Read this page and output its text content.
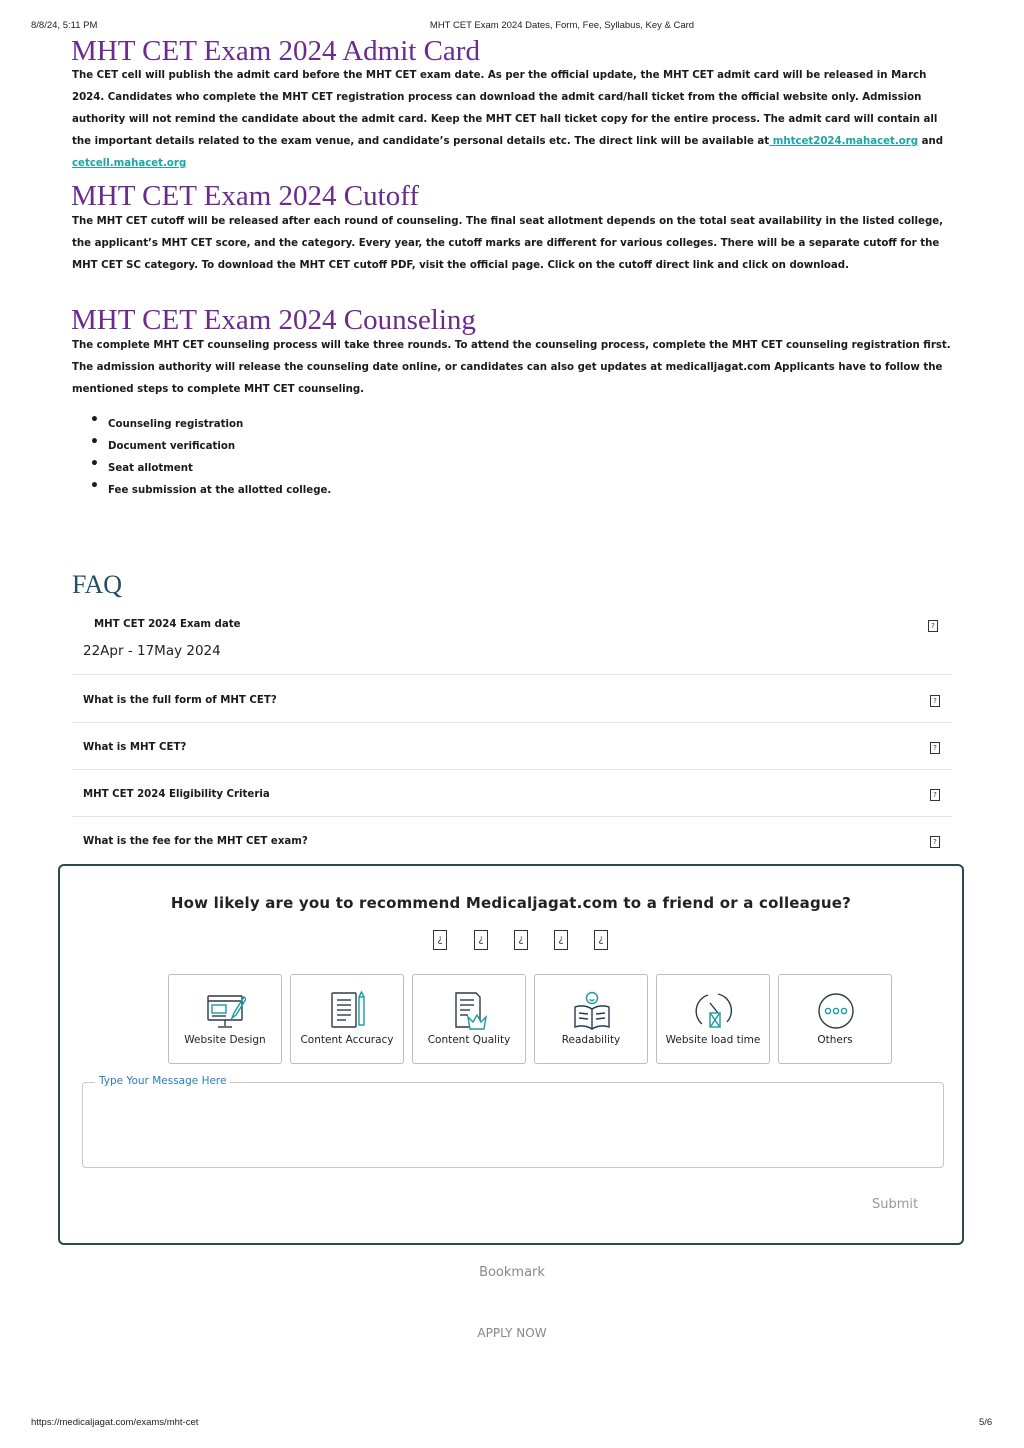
8/8/24, 5:11 PM	MHT CET Exam 2024 Dates, Form, Fee, Syllabus, Key & Card
MHT CET Exam 2024 Admit Card

The CET cell will publish the admit card before the MHT CET exam date. As per the official update, the MHT CET admit card will be released in March 2024. Candidates who complete the MHT CET registration process can download the admit card/hall ticket from the official website only. Admission authority will not remind the candidate about the admit card. Keep the MHT CET hall ticket copy for the entire process. The admit card will contain all the important details related to the exam venue, and candidate’s personal details etc. The direct link will be available at mhtcet2024.mahacet.org and cetcell.mahacet.org

MHT CET Exam 2024 Cutoff

The MHT CET cutoff will be released after each round of counseling. The final seat allotment depends on the total seat availability in the listed college, the applicant’s MHT CET score, and the category. Every year, the cutoff marks are different for various colleges. There will be a separate cutoff for the MHT CET SC category. To download the MHT CET cutoff PDF, visit the official page. Click on the cutoff direct link and click on download.

MHT CET Exam 2024 Counseling

The complete MHT CET counseling process will take three rounds. To attend the counseling process, complete the MHT CET counseling registration first. The admission authority will release the counseling date online, or candidates can also get updates at medicalljagat.com Applicants have to follow the mentioned steps to complete MHT CET counseling.

• Counseling registration
• Document verification
• Seat allotment
• Fee submission at the allotted college.
FAQ
MHT CET 2024 Exam date	?
22Apr - 17May 2024
What is the full form of MHT CET?	?
What is MHT CET?	?
MHT CET 2024 Eligibility Criteria	?
What is the fee for the MHT CET exam?	?
How likely are you to recommend Medicaljagat.com to a friend or a colleague?
¿	¿	¿	¿	¿
Website Design	Content Accuracy	Content Quality	Readability	Website load time	Others
Type Your Message Here
Submit
Bookmark
APPLY NOW
https://medicaljagat.com/exams/mht-cet	5/6
